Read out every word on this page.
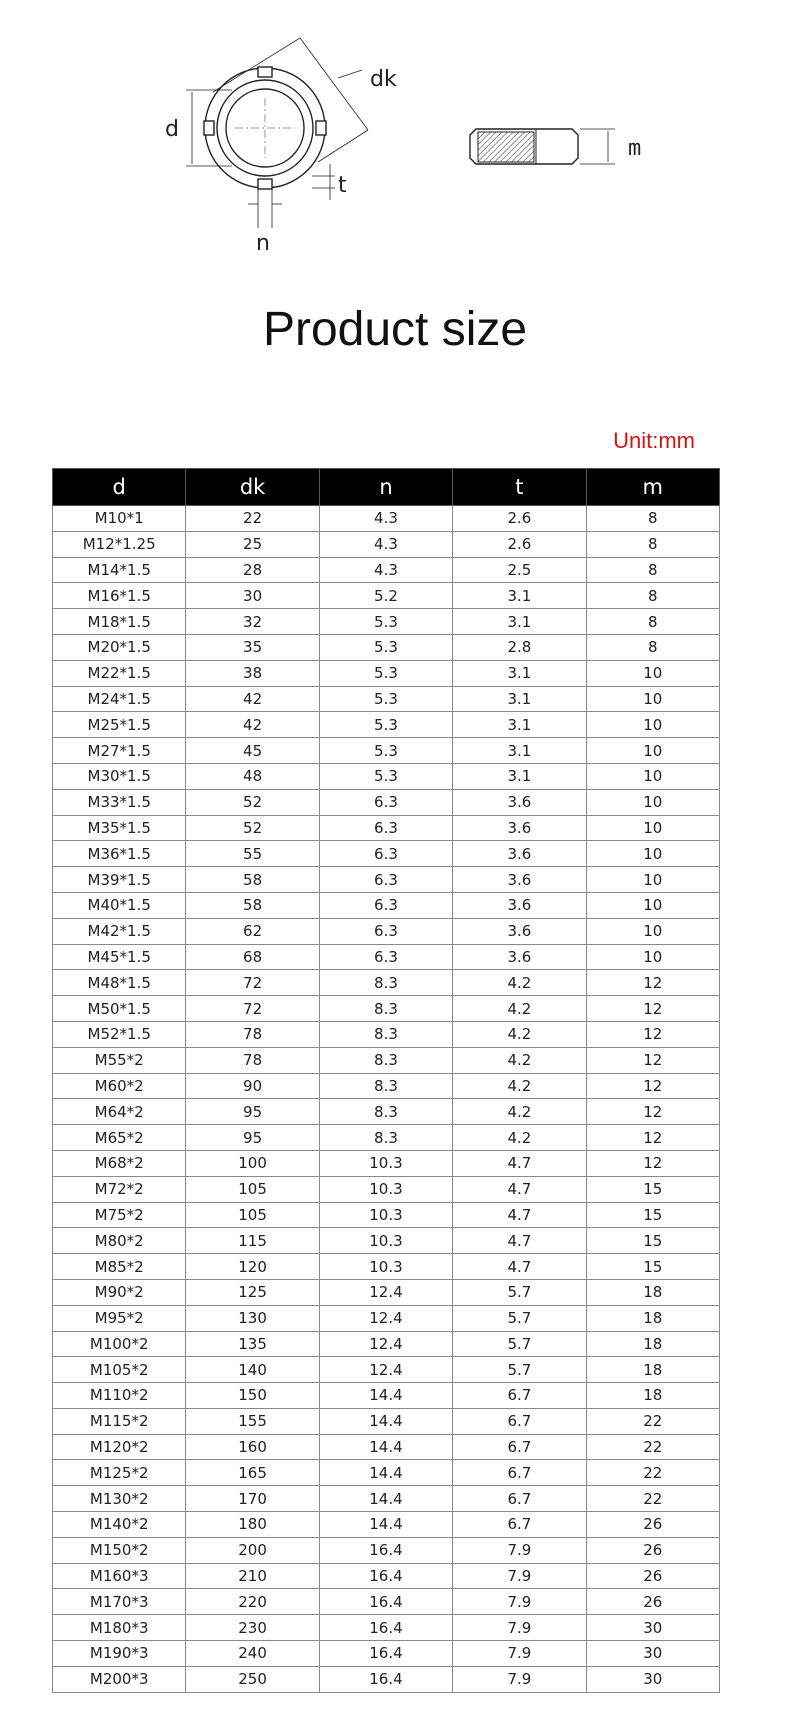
d
dk
n
t
m
Product size
Unit:mm
d	dk	n	t	m
M10*1	22	4.3	2.6	8
M12*1.25	25	4.3	2.6	8
M14*1.5	28	4.3	2.5	8
M16*1.5	30	5.2	3.1	8
M18*1.5	32	5.3	3.1	8
M20*1.5	35	5.3	2.8	8
M22*1.5	38	5.3	3.1	10
M24*1.5	42	5.3	3.1	10
M25*1.5	42	5.3	3.1	10
M27*1.5	45	5.3	3.1	10
M30*1.5	48	5.3	3.1	10
M33*1.5	52	6.3	3.6	10
M35*1.5	52	6.3	3.6	10
M36*1.5	55	6.3	3.6	10
M39*1.5	58	6.3	3.6	10
M40*1.5	58	6.3	3.6	10
M42*1.5	62	6.3	3.6	10
M45*1.5	68	6.3	3.6	10
M48*1.5	72	8.3	4.2	12
M50*1.5	72	8.3	4.2	12
M52*1.5	78	8.3	4.2	12
M55*2	78	8.3	4.2	12
M60*2	90	8.3	4.2	12
M64*2	95	8.3	4.2	12
M65*2	95	8.3	4.2	12
M68*2	100	10.3	4.7	12
M72*2	105	10.3	4.7	15
M75*2	105	10.3	4.7	15
M80*2	115	10.3	4.7	15
M85*2	120	10.3	4.7	15
M90*2	125	12.4	5.7	18
M95*2	130	12.4	5.7	18
M100*2	135	12.4	5.7	18
M105*2	140	12.4	5.7	18
M110*2	150	14.4	6.7	18
M115*2	155	14.4	6.7	22
M120*2	160	14.4	6.7	22
M125*2	165	14.4	6.7	22
M130*2	170	14.4	6.7	22
M140*2	180	14.4	6.7	26
M150*2	200	16.4	7.9	26
M160*3	210	16.4	7.9	26
M170*3	220	16.4	7.9	26
M180*3	230	16.4	7.9	30
M190*3	240	16.4	7.9	30
M200*3	250	16.4	7.9	30
